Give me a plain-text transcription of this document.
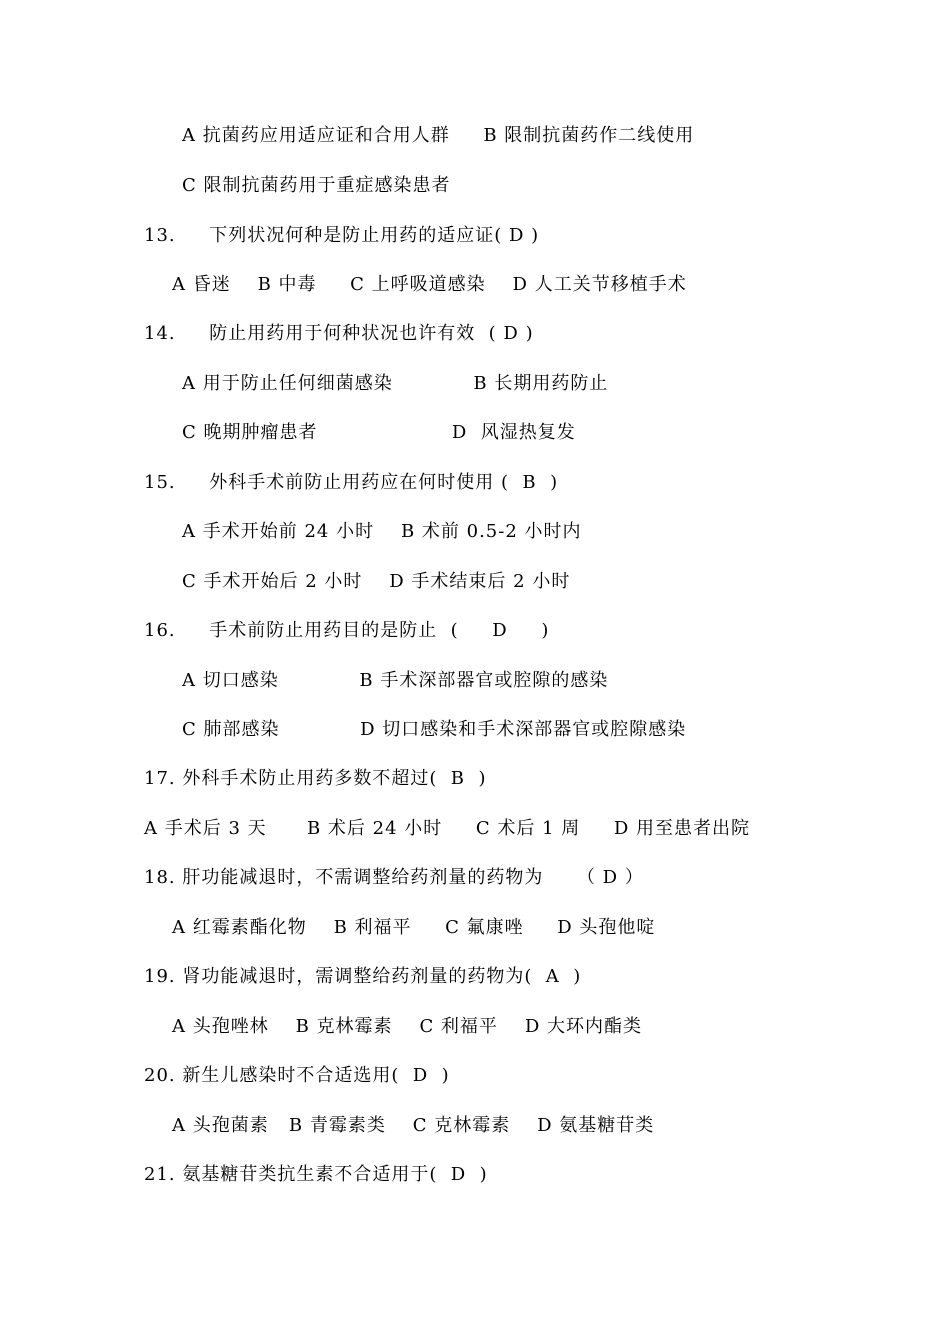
A 抗菌药应用适应证和合用人群     B 限制抗菌药作二线使用
C 限制抗菌药用于重症感染患者
13.     下列状况何种是防止用药的适应证( D )
A 昏迷    B 中毒     C 上呼吸道感染    D 人工关节移植手术
14.     防止用药用于何种状况也许有效  ( D )
A 用于防止任何细菌感染            B 长期用药防止
C 晚期肿瘤患者                    D  风湿热复发
15.     外科手术前防止用药应在何时使用 (  B  )
A 手术开始前 24 小时    B 术前 0.5-2 小时内
C 手术开始后 2 小时    D 手术结束后 2 小时
16.     手术前防止用药目的是防止  (     D     )
A 切口感染            B 手术深部器官或腔隙的感染
C 肺部感染            D 切口感染和手术深部器官或腔隙感染
17. 外科手术防止用药多数不超过(  B  )
A 手术后 3 天      B 术后 24 小时     C 术后 1 周     D 用至患者出院
18. 肝功能减退时，不需调整给药剂量的药物为     （ D ）
A 红霉素酯化物    B 利福平     C 氟康唑     D 头孢他啶
19. 肾功能减退时，需调整给药剂量的药物为(  A  )
A 头孢唑林    B 克林霉素    C 利福平    D 大环内酯类
20. 新生儿感染时不合适选用(  D  )
A 头孢菌素   B 青霉素类    C 克林霉素    D 氨基糖苷类
21. 氨基糖苷类抗生素不合适用于(  D  )
